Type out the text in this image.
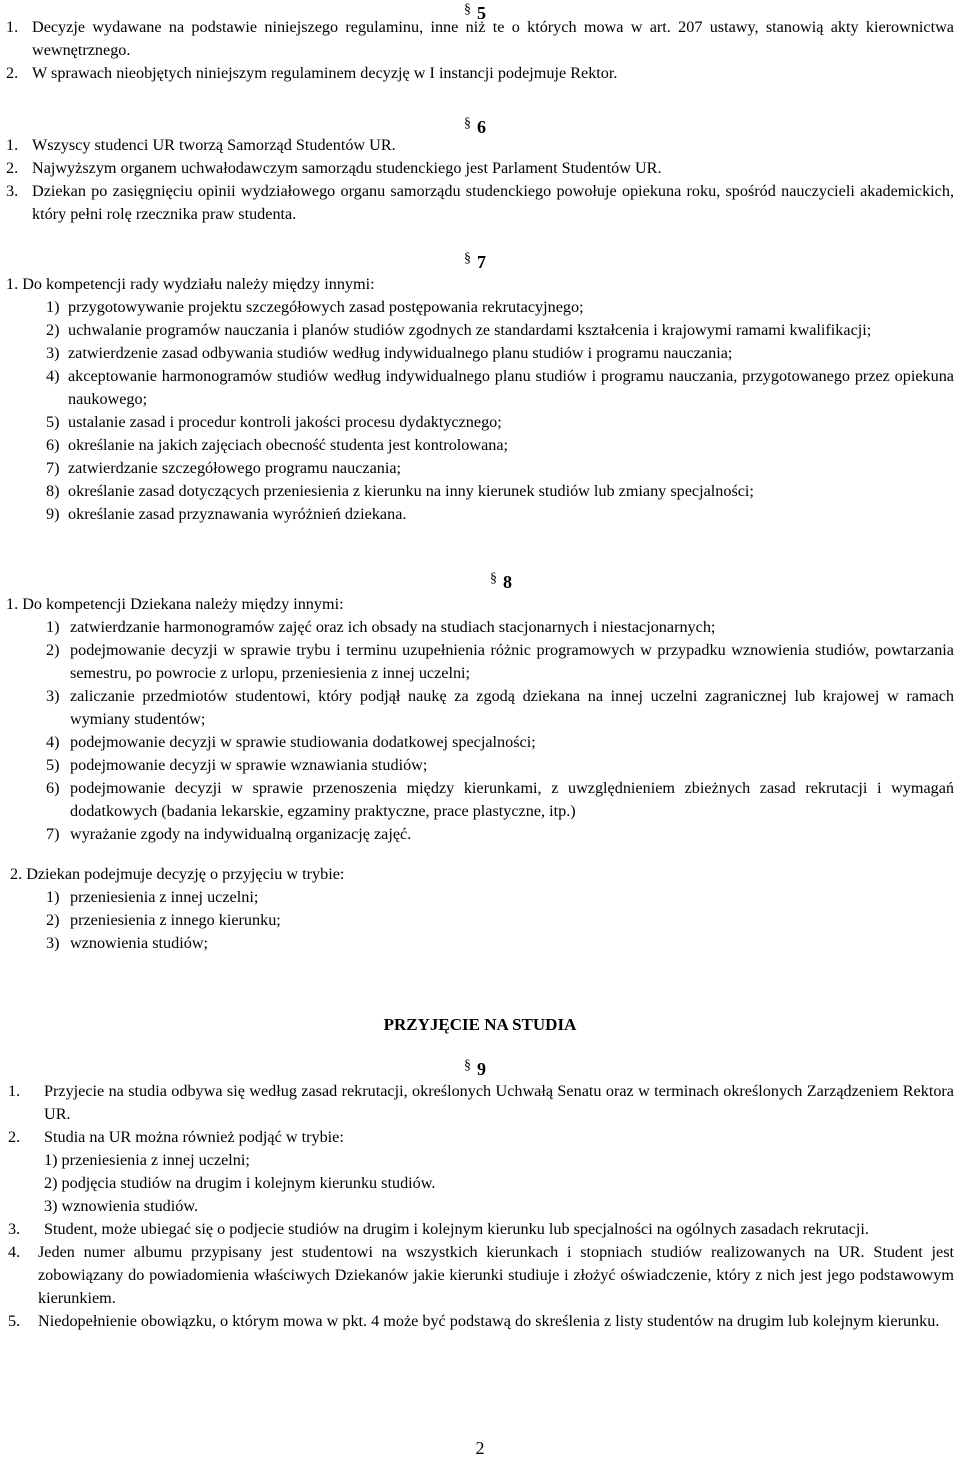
§ 5
1. Decyzje wydawane na podstawie niniejszego regulaminu, inne niż te o których mowa w art. 207 ustawy, stanowią akty kierownictwa wewnętrznego.
2. W sprawach nieobjętych niniejszym regulaminem decyzję w I instancji podejmuje Rektor.
§ 6
1. Wszyscy studenci UR tworzą Samorząd Studentów UR.
2. Najwyższym organem uchwałodawczym samorządu studenckiego jest Parlament Studentów UR.
3. Dziekan po zasięgnięciu opinii wydziałowego organu samorządu studenckiego powołuje opiekuna roku, spośród nauczycieli akademickich, który pełni rolę rzecznika praw studenta.
§ 7
1. Do kompetencji rady wydziału należy między innymi:
1) przygotowywanie projektu szczegółowych zasad postępowania rekrutacyjnego;
2) uchwalanie programów nauczania i planów studiów zgodnych ze standardami kształcenia i krajowymi ramami kwalifikacji;
3) zatwierdzenie zasad odbywania studiów według indywidualnego planu studiów i programu nauczania;
4) akceptowanie harmonogramów studiów według indywidualnego planu studiów i programu nauczania, przygotowanego przez opiekuna naukowego;
5) ustalanie zasad i procedur kontroli jakości procesu dydaktycznego;
6) określanie na jakich zajęciach obecność studenta jest kontrolowana;
7) zatwierdzanie szczegółowego programu nauczania;
8) określanie zasad dotyczących przeniesienia z kierunku na inny kierunek studiów lub zmiany specjalności;
9) określanie zasad przyznawania wyróżnień dziekana.
§ 8
1. Do kompetencji Dziekana należy między innymi:
1) zatwierdzanie harmonogramów zajęć oraz ich obsady na studiach stacjonarnych i niestacjonarnych;
2) podejmowanie decyzji w sprawie trybu i terminu uzupełnienia różnic programowych w przypadku wznowienia studiów, powtarzania semestru, po powrocie z urlopu, przeniesienia z innej uczelni;
3) zaliczanie przedmiotów studentowi, który podjął naukę za zgodą dziekana na innej uczelni zagranicznej lub krajowej w ramach wymiany studentów;
4) podejmowanie decyzji w sprawie studiowania dodatkowej specjalności;
5) podejmowanie decyzji w sprawie wznawiania studiów;
6) podejmowanie decyzji w sprawie przenoszenia między kierunkami, z uwzględnieniem zbieżnych zasad rekrutacji i wymagań dodatkowych (badania lekarskie, egzaminy praktyczne, prace plastyczne, itp.)
7) wyrażanie zgody na indywidualną organizację zajęć.
2. Dziekan podejmuje decyzję o przyjęciu w trybie:
1) przeniesienia z innej uczelni;
2) przeniesienia z innego kierunku;
3) wznowienia studiów;
PRZYJĘCIE NA STUDIA
§ 9
1.	Przyjecie na studia odbywa się według zasad rekrutacji, określonych Uchwałą Senatu oraz w terminach określonych Zarządzeniem Rektora UR.
2.	Studia na UR można również podjąć w trybie:
1) przeniesienia z innej uczelni;
2) podjęcia studiów na drugim i kolejnym kierunku studiów.
3) wznowienia studiów.
3.	Student, może ubiegać się o podjecie studiów na drugim i kolejnym kierunku lub specjalności na ogólnych zasadach rekrutacji.
4.	Jeden numer albumu przypisany jest studentowi na wszystkich kierunkach i stopniach studiów realizowanych na UR. Student jest zobowiązany do powiadomienia właściwych Dziekanów jakie kierunki studiuje i złożyć oświadczenie, który z nich jest jego podstawowym kierunkiem.
5.	Niedopełnienie obowiązku, o którym mowa w pkt. 4 może być podstawą do skreślenia z listy studentów na drugim lub kolejnym kierunku.
2
